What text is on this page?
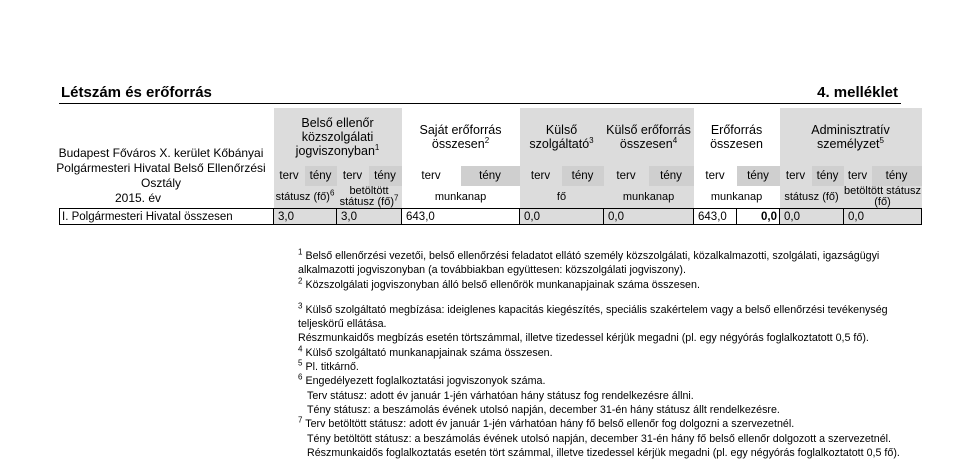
Létszám és erőforrás	4. melléklet
Budapest Főváros X. kerület Kőbányai
Polgármesteri Hivatal Belső Ellenőrzési
Osztály
2015. év
	Belső ellenőr közszolgálati jogviszonyban$^1$				Saját erőforrás összesen$^2$		Külső szolgáltató$^3$		Külső erőforrás összesen$^4$		Erőforrás összesen		Adminisztratív személyzet$^5$
	terv	tény	terv	tény	terv	tény	terv	tény	terv	tény	terv	tény	terv	tény	terv	tény
	státusz (fő)$^6$		betöltött státusz (fő)$^7$		munkanap		fő		munkanap		munkanap		státusz (fő)		betöltött státusz (fő)	
I. Polgármesteri Hivatal összesen	3,0		3,0		643,0		0,0		0,0		643,0	0,0	0,0		0,0	
$^1$ Belső ellenőrzési vezetői, belső ellenőrzési feladatot ellátó személy közszolgálati, közalkalmazotti, szolgálati, igazságügyi
alkalmazotti jogviszonyban (a továbbiakban együttesen: közszolgálati jogviszony).
$^2$ Közszolgálati jogviszonyban álló belső ellenőrök munkanapjainak száma összesen.
$^3$ Külső szolgáltató megbízása: ideiglenes kapacitás kiegészítés, speciális szakértelem vagy a belső ellenőrzési tevékenység
teljeskörű ellátása.
Részmunkaidős megbízás esetén törtszámmal, illetve tizedessel kérjük megadni (pl. egy négyórás foglalkoztatott 0,5 fő).
$^4$ Külső szolgáltató munkanapjainak száma összesen.
$^5$ Pl. titkárnő.
$^6$ Engedélyezett foglalkoztatási jogviszonyok száma.
Terv státusz: adott év január 1-jén várhatóan hány státusz fog rendelkezésre állni.
Tény státusz: a beszámolás évének utolsó napján, december 31-én hány státusz állt rendelkezésre.
$^7$ Terv betöltött státusz: adott év január 1-jén várhatóan hány fő belső ellenőr fog dolgozni a szervezetnél.
Tény betöltött státusz: a beszámolás évének utolsó napján, december 31-én hány fő belső ellenőr dolgozott a szervezetnél.
Részmunkaidős foglalkoztatás esetén tört számmal, illetve tizedessel kérjük megadni (pl. egy négyórás foglalkoztatott 0,5 fő).
